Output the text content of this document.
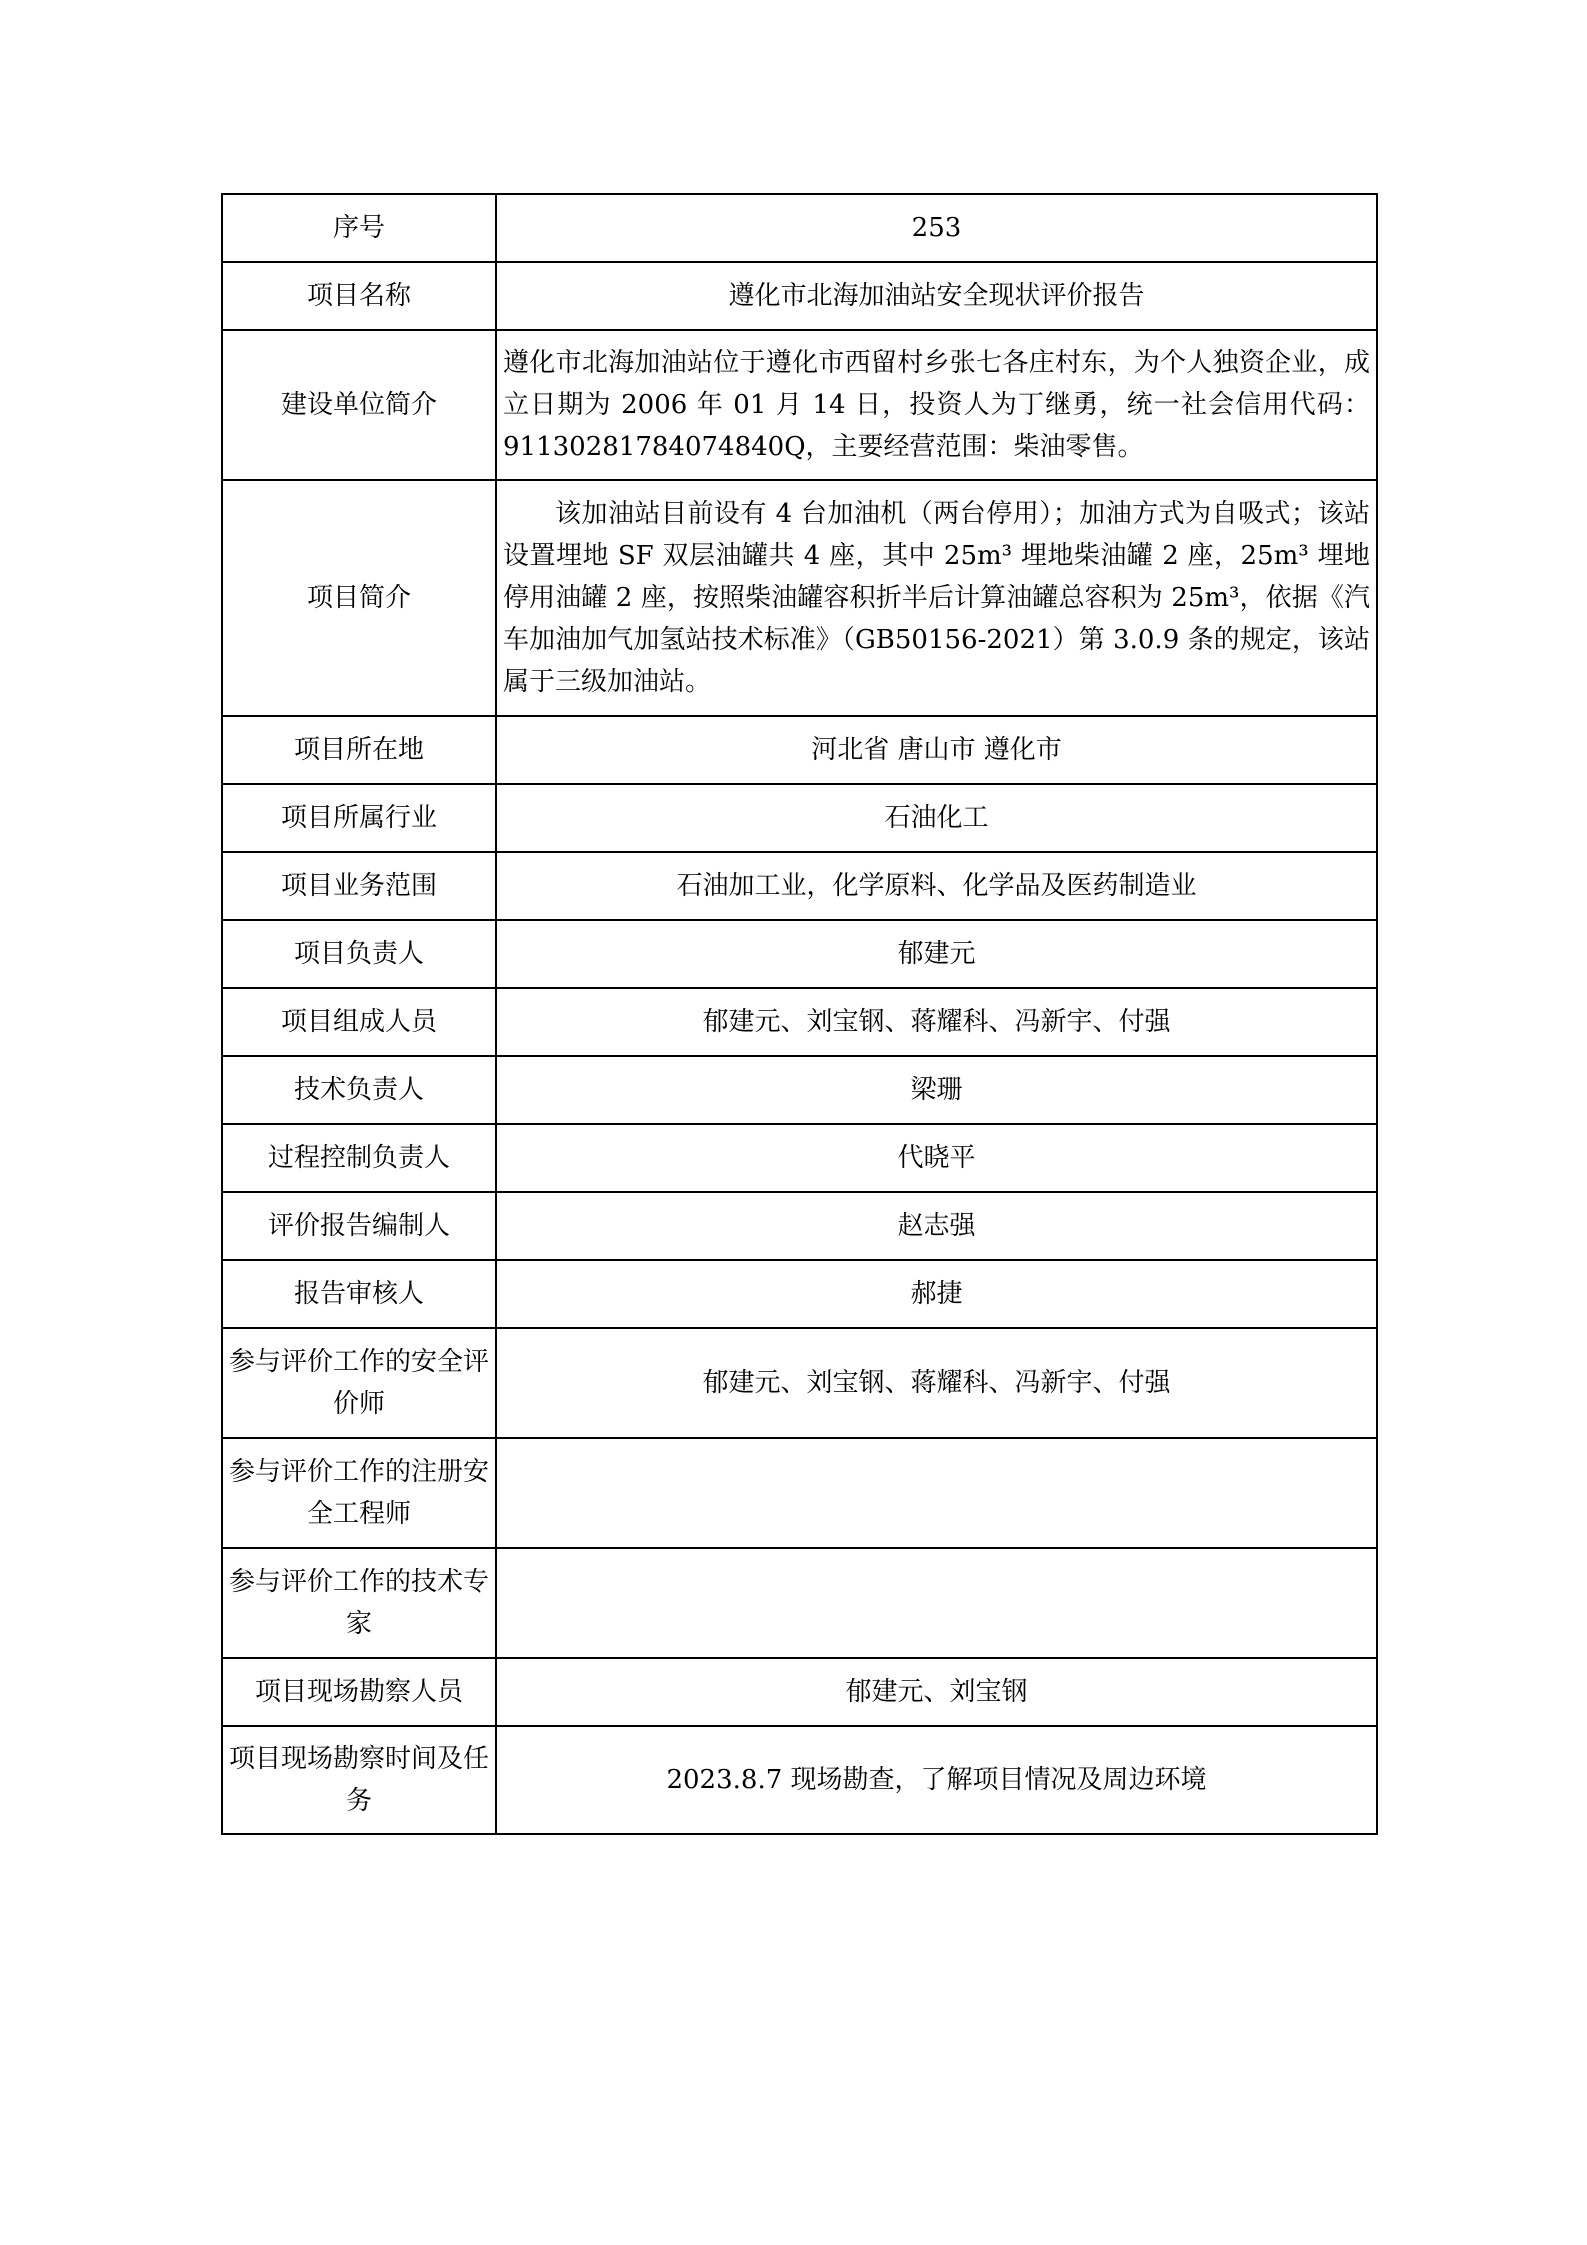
序号	253
项目名称	遵化市北海加油站安全现状评价报告
建设单位简介	遵化市北海加油站位于遵化市西留村乡张七各庄村东，为个人独资企业，成立日期为 2006 年 01 月 14 日，投资人为丁继勇，统一社会信用代码：91130281784074840Q，主要经营范围：柴油零售。
项目简介	该加油站目前设有 4 台加油机（两台停用）；加油方式为自吸式；该站设置埋地 SF 双层油罐共 4 座，其中 25m³ 埋地柴油罐 2 座，25m³ 埋地停用油罐 2 座，按照柴油罐容积折半后计算油罐总容积为 25m³，依据《汽车加油加气加氢站技术标准》（GB50156-2021）第 3.0.9 条的规定，该站属于三级加油站。
项目所在地	河北省 唐山市 遵化市
项目所属行业	石油化工
项目业务范围	石油加工业，化学原料、化学品及医药制造业
项目负责人	郁建元
项目组成人员	郁建元、刘宝钢、蒋耀科、冯新宇、付强
技术负责人	梁珊
过程控制负责人	代晓平
评价报告编制人	赵志强
报告审核人	郝捷
参与评价工作的安全评价师	郁建元、刘宝钢、蒋耀科、冯新宇、付强
参与评价工作的注册安全工程师	
参与评价工作的技术专家	
项目现场勘察人员	郁建元、刘宝钢
项目现场勘察时间及任务	2023.8.7 现场勘查，了解项目情况及周边环境
